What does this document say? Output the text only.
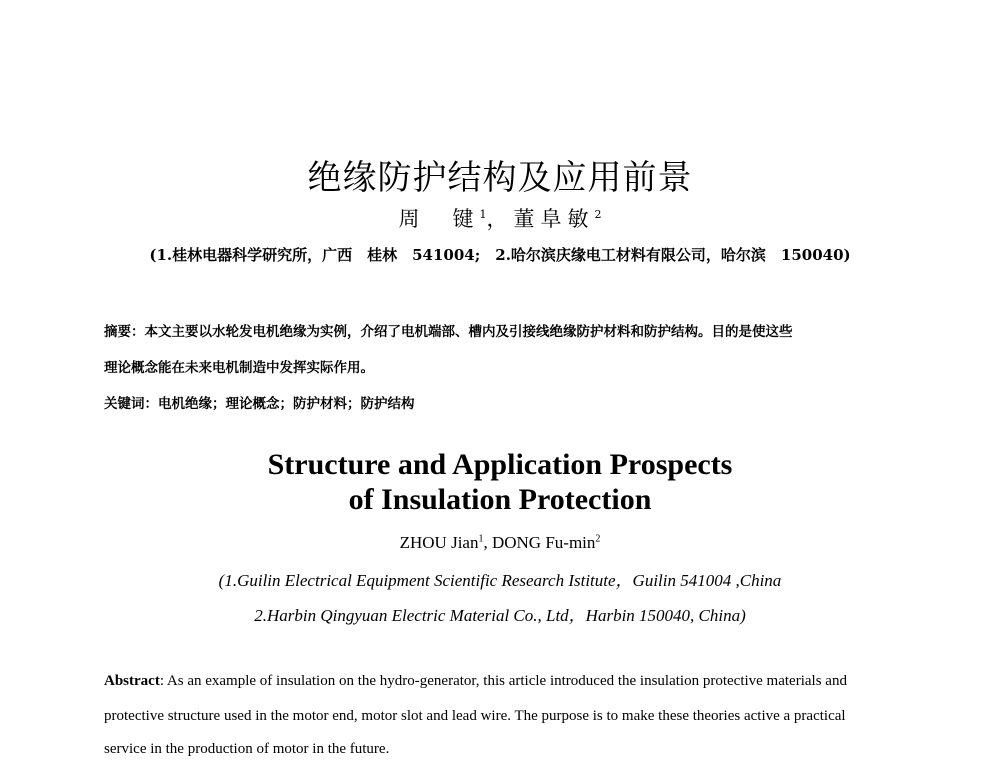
绝缘防护结构及应用前景
周　键$^1$，董阜敏$^2$
(1.桂林电器科学研究所，广西　桂林　541004;　2.哈尔滨庆缘电工材料有限公司，哈尔滨　150040)
摘要：本文主要以水轮发电机绝缘为实例，介绍了电机端部、槽内及引接线绝缘防护材料和防护结构。目的是使这些
理论概念能在未来电机制造中发挥实际作用。
关键词：电机绝缘；理论概念；防护材料；防护结构
Structure and Application Prospects
of Insulation Protection
ZHOU Jian$^1$, DONG $Fu-\min^2$
(1.Guilin Electrical Equipment Scientific Research Istitute，Guilin 541004 ,China
2.Harbin Qingyuan Electric Material Co., Ltd，Harbin 150040, China)
Abstract: As an example of insulation on the hydro-generator, this article introduced the insulation protective materials and
protective structure used in the motor end, motor slot and lead wire. The purpose is to make these theories active a practical
service in the production of motor in the future.
